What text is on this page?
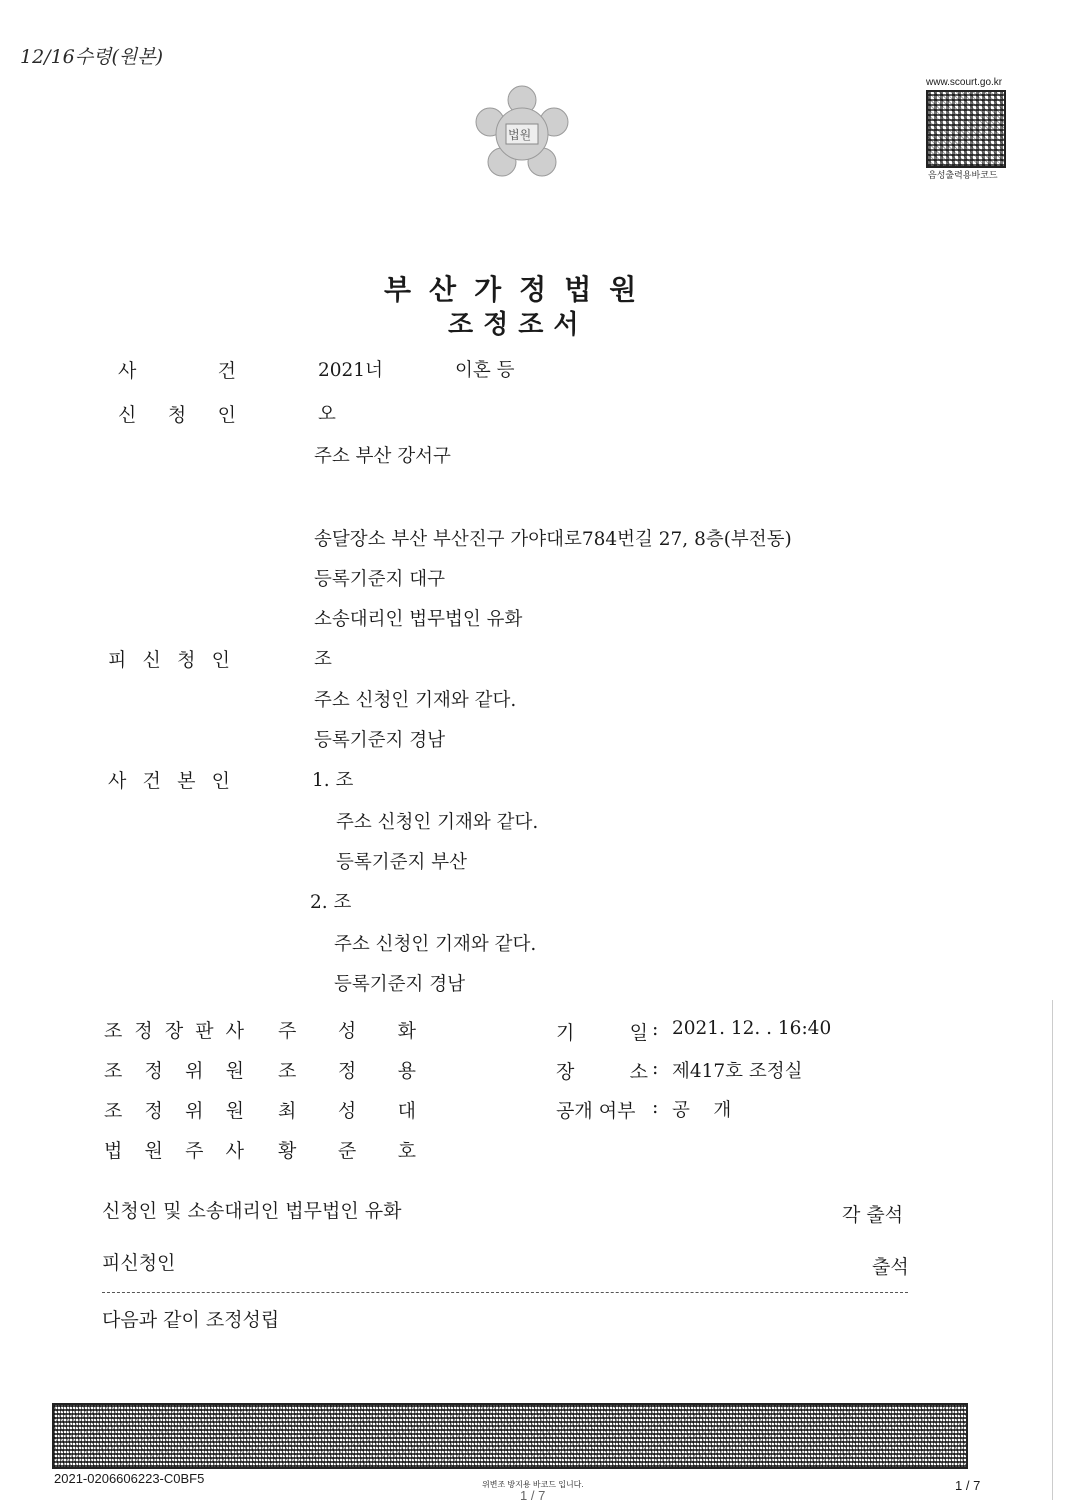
12/16수령(원본)
법원
www.scourt.go.kr
음성출력용바코드
부산가정법원
조정조서
사	건	2021너	이혼 등
신 청 인	오
주소 부산 강서구
송달장소 부산 부산진구 가야대로784번길 27, 8층(부전동)
등록기준지 대구
소송대리인 법무법인 유화
피 신 청 인	조
주소 신청인 기재와 같다.
등록기준지 경남
사 건 본 인	1. 조
주소 신청인 기재와 같다.
등록기준지 부산
2. 조
주소 신청인 기재와 같다.
등록기준지 경남
조 정 장 판 사 주 성 화
조 정 위 원 조 정 용
조 정 위 원 최 성 대
법 원 주 사 황 준 호
기	일 : 2021. 12. . 16:40
장	소 : 제417호 조정실
공개 여부 : 공    개
신청인 및 소송대리인 법무법인 유화	각 출석
피신청인	출석
다음과 같이 조정성립
2021-0206606223-C0BF5	위변조 방지용 바코드 입니다.
1 / 7
1 / 7
